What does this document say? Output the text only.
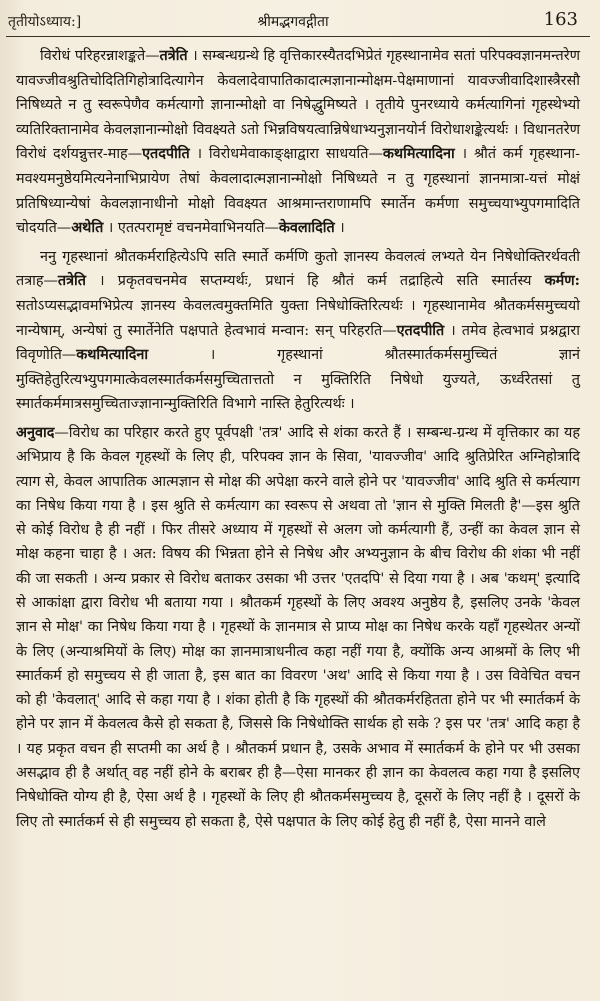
तृतीयोऽध्याय:]	श्रीमद्भगवद्गीता	163

विरोधं परिहरन्नाशङ्कते—तत्रेति । सम्बन्धग्रन्थे हि वृत्तिकारस्यैतदभिप्रेतं गृहस्थानामेव सतां परिपक्वज्ञानमन्तरेण यावज्जीवश्रुतिचोदितिगिहोत्रादित्यागेन केवलादेवापातिकादात्मज्ञानान्मोक्षम-पेक्षमाणानां यावज्जीवादिशास्त्रैरसौ निषिध्यते न तु स्वरूपेणैव कर्मत्यागो ज्ञानान्मोक्षो वा निषेद्धुमिष्यते । तृतीये पुनरध्याये कर्मत्यागिनां गृहस्थेभ्यो व्यतिरिक्तानामेव केवलज्ञानान्मोक्षो विवक्ष्यते ऽतो भिन्नविषयत्वान्निषेधाभ्यनुज्ञानयोर्न विरोधाशङ्केत्यर्थः । विधानतरेण विरोधं दर्शयन्नुत्तर-माह—एतदपीति । विरोधमेवाकाङ्क्षाद्वारा साधयति—कथमित्यादिना । श्रौतं कर्म गृहस्थाना-मवश्यमनुष्ठेयमित्यनेनाभिप्रायेण तेषां केवलादात्मज्ञानान्मोक्षो निषिध्यते न तु गृहस्थानां ज्ञानमात्रा-यत्तं मोक्षं प्रतिषिध्यान्येषां केवलज्ञानाधीनो मोक्षो विवक्ष्यत आश्रमान्तराणामपि स्मार्तेन कर्मणा समुच्चयाभ्युपगमादिति चोदयति—अथेति । एतत्परामृष्टं वचनमेवाभिनयति—केवलादिति ।

ननु गृहस्थानां श्रौतकर्मराहित्येऽपि सति स्मार्ते कर्मणि कुतो ज्ञानस्य केवलत्वं लभ्यते येन निषेधोक्तिरर्थवती तत्राह—तत्रेति । प्रकृतवचनमेव सप्तम्यर्थः, प्रधानं हि श्रौतं कर्म तद्राहित्ये सति स्मार्तस्य कर्मण: सतोऽप्यसद्भावमभिप्रेत्य ज्ञानस्य केवलत्वमुक्तमिति युक्ता निषेधोक्तिरित्यर्थः । गृहस्थानामेव श्रौतकर्मसमुच्चयो नान्येषाम्, अन्येषां तु स्मार्तेनेति पक्षपाते हेत्वभावं मन्वान: सन् परिहरति—एतदपीति । तमेव हेत्वभावं प्रश्नद्वारा विवृणोति—कथमित्यादिना । गृहस्थानां श्रौतस्मार्तकर्मसमुच्चितं ज्ञानं मुक्तिहेतुरित्यभ्युपगमात्केवलस्मार्तकर्मसमुच्चितात्ततो न मुक्तिरिति निषेधो युज्यते, ऊर्ध्वरेतसां तु स्मार्तकर्ममात्रसमुच्चिताज्ज्ञानान्मुक्तिरिति विभागे नास्ति हेतुरित्यर्थः ।

अनुवाद—विरोध का परिहार करते हुए पूर्वपक्षी 'तत्र' आदि से शंका करते हैं । सम्बन्ध-ग्रन्थ में वृत्तिकार का यह अभिप्राय है कि केवल गृहस्थों के लिए ही, परिपक्व ज्ञान के सिवा, 'यावज्जीव' आदि श्रुतिप्रेरित अग्निहोत्रादि त्याग से, केवल आपातिक आत्मज्ञान से मोक्ष की अपेक्षा करने वाले होने पर 'यावज्जीव' आदि श्रुति से कर्मत्याग का निषेध किया गया है । इस श्रुति से कर्मत्याग का स्वरूप से अथवा तो 'ज्ञान से मुक्ति मिलती है'—इस श्रुति से कोई विरोध है ही नहीं । फिर तीसरे अध्याय में गृहस्थों से अलग जो कर्मत्यागी हैं, उन्हीं का केवल ज्ञान से मोक्ष कहना चाहा है । अत: विषय की भिन्नता होने से निषेध और अभ्यनुज्ञान के बीच विरोध की शंका भी नहीं की जा सकती । अन्य प्रकार से विरोध बताकर उसका भी उत्तर 'एतदपि' से दिया गया है । अब 'कथम्' इत्यादि से आकांक्षा द्वारा विरोध भी बताया गया । श्रौतकर्म गृहस्थों के लिए अवश्य अनुष्ठेय है, इसलिए उनके 'केवल ज्ञान से मोक्ष' का निषेध किया गया है । गृहस्थों के ज्ञानमात्र से प्राप्य मोक्ष का निषेध करके यहाँ गृहस्थेतर अन्यों के लिए (अन्याश्रमियों के लिए) मोक्ष का ज्ञानमात्राधनीत्व कहा नहीं गया है, क्योंकि अन्य आश्रमों के लिए भी स्मार्तकर्म हो समुच्चय से ही जाता है, इस बात का विवरण 'अथ' आदि से किया गया है । उस विवेचित वचन को ही 'केवलात्' आदि से कहा गया है । शंका होती है कि गृहस्थों की श्रौतकर्मरहितता होने पर भी स्मार्तकर्म के होने पर ज्ञान में केवलत्व कैसे हो सकता है, जिससे कि निषेधोक्ति सार्थक हो सके ? इस पर 'तत्र' आदि कहा है । यह प्रकृत वचन ही सप्तमी का अर्थ है । श्रौतकर्म प्रधान है, उसके अभाव में स्मार्तकर्म के होने पर भी उसका असद्भाव ही है अर्थात् वह नहीं होने के बराबर ही है—ऐसा मानकर ही ज्ञान का केवलत्व कहा गया है इसलिए निषेधोक्ति योग्य ही है, ऐसा अर्थ है । गृहस्थों के लिए ही श्रौतकर्मसमुच्चय है, दूसरों के लिए नहीं है । दूसरों के लिए तो स्मार्तकर्म से ही समुच्चय हो सकता है, ऐसे पक्षपात के लिए कोई हेतु ही नहीं है, ऐसा मानने वाले
